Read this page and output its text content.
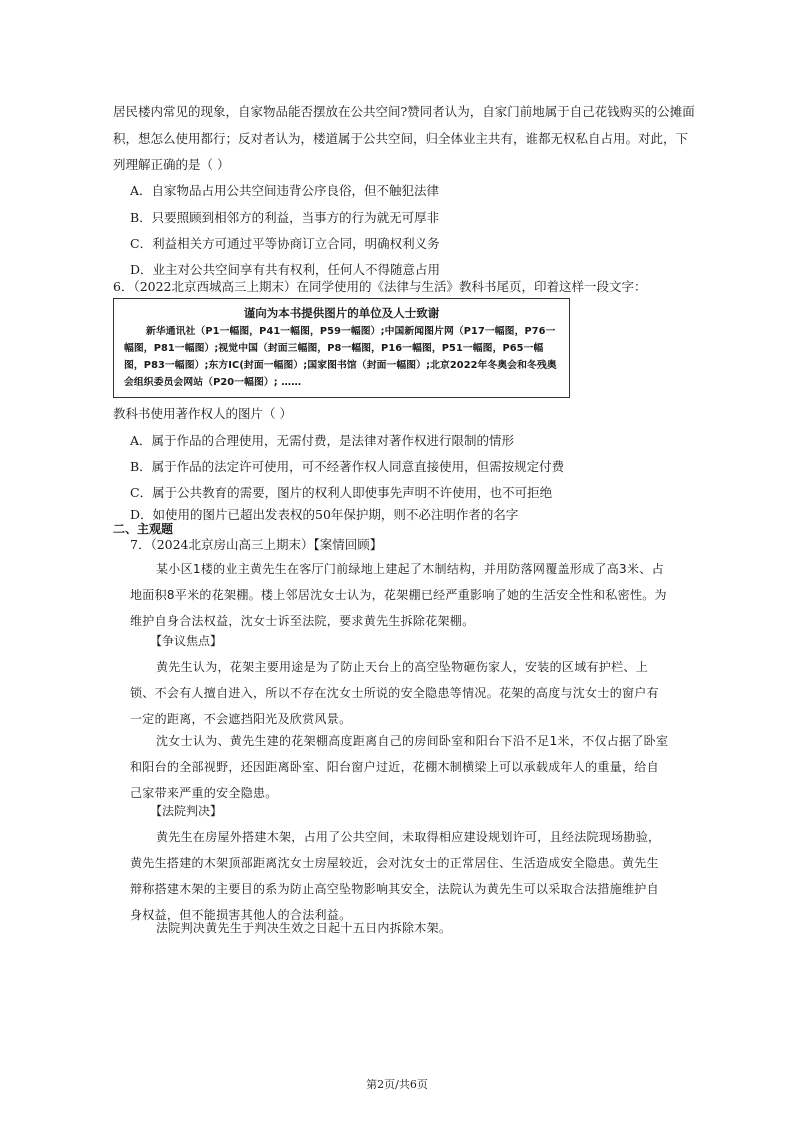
居民楼内常见的现象，自家物品能否摆放在公共空间?赞同者认为，自家门前地属于自己花钱购买的公摊面
积，想怎么使用都行；反对者认为，楼道属于公共空间，归全体业主共有，谁都无权私自占用。对此，下
列理解正确的是（ ）
A．自家物品占用公共空间违背公序良俗，但不触犯法律
B．只要照顾到相邻方的利益，当事方的行为就无可厚非
C．利益相关方可通过平等协商订立合同，明确权利义务
D．业主对公共空间享有共有权利，任何人不得随意占用
6．（2022北京西城高三上期末）在同学使用的《法律与生活》教科书尾页，印着这样一段文字：
谨向为本书提供图片的单位及人士致谢
新华通讯社（P1一幅图，P41一幅图，P59一幅图）;中国新闻图片网（P17一幅图，P76一幅图，P81一幅图）;视觉中国（封面三幅图，P8一幅图，P16一幅图，P51一幅图，P65一幅图，P83一幅图）;东方IC(封面一幅图）;国家图书馆（封面一幅图）;北京2022年冬奥会和冬残奥会组织委员会网站（P20一幅图）; ……
教科书使用著作权人的图片（ ）
A．属于作品的合理使用，无需付费，是法律对著作权进行限制的情形
B．属于作品的法定许可使用，可不经著作权人同意直接使用，但需按规定付费
C．属于公共教育的需要，图片的权利人即使事先声明不许使用，也不可拒绝
D．如使用的图片已超出发表权的50年保护期，则不必注明作者的名字
二、主观题
7．（2024北京房山高三上期末）【案情回顾】
某小区1楼的业主黄先生在客厅门前绿地上建起了木制结构，并用防落网覆盖形成了高3米、占地面积8平米的花架棚。楼上邻居沈女士认为，花架棚已经严重影响了她的生活安全性和私密性。为维护自身合法权益，沈女士诉至法院，要求黄先生拆除花架棚。
【争议焦点】
黄先生认为，花架主要用途是为了防止天台上的高空坠物砸伤家人，安装的区域有护栏、上锁、不会有人擅自进入，所以不存在沈女士所说的安全隐患等情况。花架的高度与沈女士的窗户有一定的距离，不会遮挡阳光及欣赏风景。
沈女士认为、黄先生建的花架棚高度距离自己的房间卧室和阳台下沿不足1米，不仅占据了卧室和阳台的全部视野，还因距离卧室、阳台窗户过近，花棚木制横梁上可以承载成年人的重量，给自己家带来严重的安全隐患。
【法院判决】
黄先生在房屋外搭建木架，占用了公共空间，未取得相应建设规划许可，且经法院现场勘验，黄先生搭建的木架顶部距离沈女士房屋较近，会对沈女士的正常居住、生活造成安全隐患。黄先生辩称搭建木架的主要目的系为防止高空坠物影响其安全，法院认为黄先生可以采取合法措施维护自身权益，但不能损害其他人的合法利益。
法院判决黄先生于判决生效之日起十五日内拆除木架。
第2页/共6页
